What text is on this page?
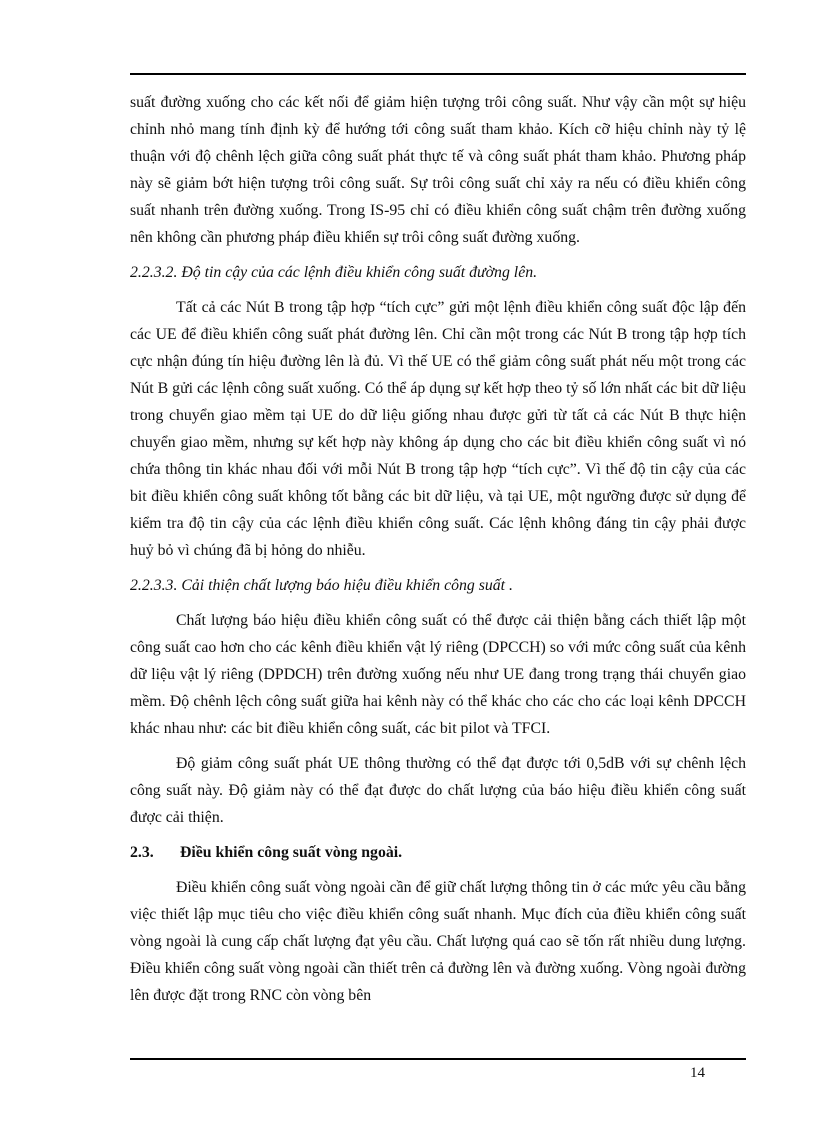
suất đường xuống cho các kết nối để giảm hiện tượng trôi công suất. Như vậy cần một sự hiệu chỉnh nhỏ mang tính định kỳ để hướng tới công suất tham khảo. Kích cỡ hiệu chỉnh này tỷ lệ thuận với độ chênh lệch giữa công suất phát thực tế và công suất phát tham khảo. Phương pháp này sẽ giảm bớt hiện tượng trôi công suất. Sự trôi công suất chỉ xảy ra nếu có điều khiển công suất nhanh trên đường xuống. Trong IS-95 chỉ có điều khiển công suất chậm trên đường xuống nên không cần phương pháp điều khiển sự trôi công suất đường xuống.

2.2.3.2. Độ tin cậy của các lệnh điều khiển công suất đường lên.

Tất cả các Nút B trong tập hợp “tích cực” gửi một lệnh điều khiển công suất độc lập đến các UE để điều khiển công suất phát đường lên. Chỉ cần một trong các Nút B trong tập hợp tích cực nhận đúng tín hiệu đường lên là đủ. Vì thế UE có thể giảm công suất phát nếu một trong các Nút B gửi các lệnh công suất xuống. Có thể áp dụng sự kết hợp theo tỷ số lớn nhất các bit dữ liệu trong chuyển giao mềm tại UE do dữ liệu giống nhau được gửi từ tất cả các Nút B thực hiện chuyển giao mềm, nhưng sự kết hợp này không áp dụng cho các bit điều khiển công suất vì nó chứa thông tin khác nhau đối với mỗi Nút B trong tập hợp “tích cực”. Vì thế độ tin cậy của các bit điều khiển công suất không tốt bằng các bit dữ liệu, và tại UE, một ngưỡng được sử dụng để kiểm tra độ tin cậy của các lệnh điều khiển công suất. Các lệnh không đáng tin cậy phải được huỷ bỏ vì chúng đã bị hỏng do nhiễu.

2.2.3.3. Cải thiện chất lượng báo hiệu điều khiển công suất .

Chất lượng báo hiệu điều khiển công suất có thể được cải thiện bằng cách thiết lập một công suất cao hơn cho các kênh điều khiển vật lý riêng (DPCCH) so với mức công suất của kênh dữ liệu vật lý riêng (DPDCH) trên đường xuống nếu như UE đang trong trạng thái chuyển giao mềm. Độ chênh lệch công suất giữa hai kênh này có thể khác cho các cho các loại kênh DPCCH khác nhau như: các bit điều khiển công suất, các bit pilot và TFCI.

Độ giảm công suất phát UE thông thường có thể đạt được tới 0,5dB với sự chênh lệch công suất này. Độ giảm này có thể đạt được do chất lượng của báo hiệu điều khiển công suất được cải thiện.

2.3. Điều khiển công suất vòng ngoài.

Điều khiển công suất vòng ngoài cần để giữ chất lượng thông tin ở các mức yêu cầu bằng việc thiết lập mục tiêu cho việc điều khiển công suất nhanh. Mục đích của điều khiển công suất vòng ngoài là cung cấp chất lượng đạt yêu cầu. Chất lượng quá cao sẽ tốn rất nhiều dung lượng. Điều khiển công suất vòng ngoài cần thiết trên cả đường lên và đường xuống. Vòng ngoài đường lên được đặt trong RNC còn vòng bên

14
